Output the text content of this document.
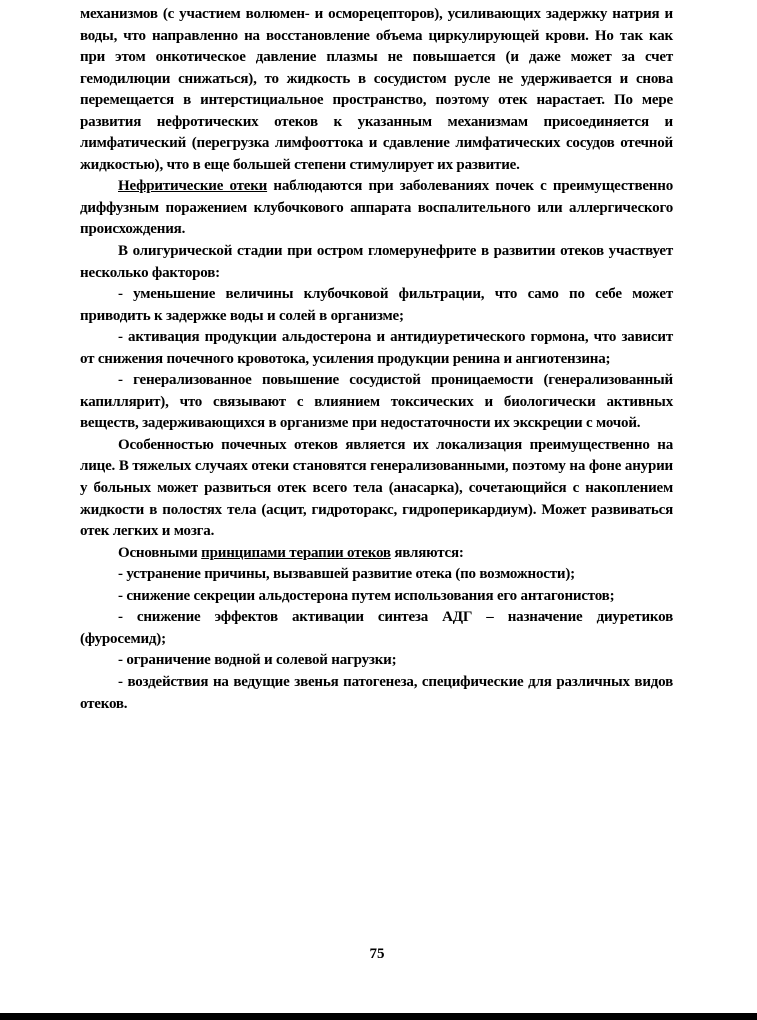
механизмов (с участием волюмен- и осморецепторов), усиливающих задержку натрия и воды, что направленно на восстановление объема циркулирующей крови. Но так как при этом онкотическое давление плазмы не повышается (и даже может за счет гемодилюции снижаться), то жидкость в сосудистом русле не удерживается и снова перемещается в интерстициальное пространство, поэтому отек нарастает. По мере развития нефротических отеков к указанным механизмам присоединяется и лимфатический (перегрузка лимфооттока и сдавление лимфатических сосудов отечной жидкостью), что в еще большей степени стимулирует их развитие.

Нефритические отеки наблюдаются при заболеваниях почек с преимущественно диффузным поражением клубочкового аппарата воспалительного или аллергического происхождения.

В олигурической стадии при остром гломерунефрите в развитии отеков участвует несколько факторов:

- уменьшение величины клубочковой фильтрации, что само по себе может приводить к задержке воды и солей в организме;

- активация продукции альдостерона и антидиуретического гормона, что зависит от снижения почечного кровотока, усиления продукции ренина и ангиотензина;

- генерализованное повышение сосудистой проницаемости (генерализованный капиллярит), что связывают с влиянием токсических и биологически активных веществ, задерживающихся в организме при недостаточности их экскреции с мочой.

Особенностью почечных отеков является их локализация преимущественно на лице. В тяжелых случаях отеки становятся генерализованными, поэтому на фоне анурии у больных может развиться отек всего тела (анасарка), сочетающийся с накоплением жидкости в полостях тела (асцит, гидроторакс, гидроперикардиум). Может развиваться отек легких и мозга.

Основными принципами терапии отеков являются:

- устранение причины, вызвавшей развитие отека (по возможности);

- снижение секреции альдостерона путем использования его антагонистов;

- снижение эффектов активации синтеза АДГ – назначение диуретиков (фуросемид);

- ограничение водной и солевой нагрузки;

- воздействия на ведущие звенья патогенеза, специфические для различных видов отеков.

75
